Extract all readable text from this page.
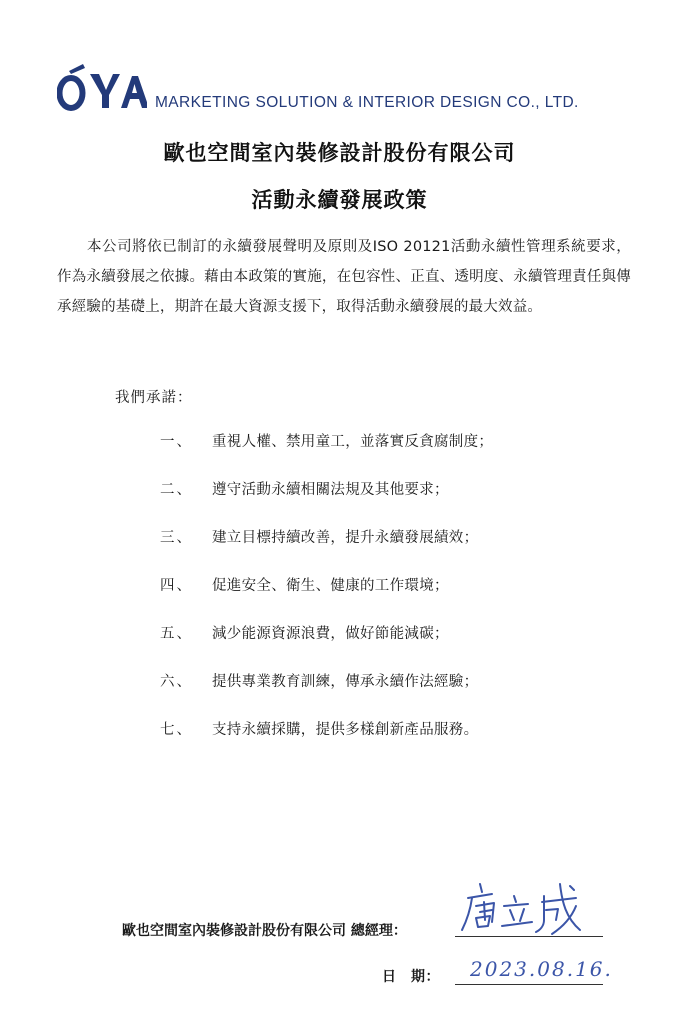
MARKETING SOLUTION & INTERIOR DESIGN CO., LTD.
歐也空間室內裝修設計股份有限公司
活動永續發展政策

本公司將依已制訂的永續發展聲明及原則及ISO 20121活動永續性管理系統要求，作為永續發展之依據。藉由本政策的實施，在包容性、正直、透明度、永續管理責任與傳承經驗的基礎上，期許在最大資源支援下，取得活動永續發展的最大效益。

我們承諾：
一、	重視人權、禁用童工，並落實反貪腐制度；
二、	遵守活動永續相關法規及其他要求；
三、	建立目標持續改善，提升永續發展績效；
四、	促進安全、衛生、健康的工作環境；
五、	減少能源資源浪費，做好節能減碳；
六、	提供專業教育訓練，傳承永續作法經驗；
七、	支持永續採購，提供多樣創新產品服務。
歐也空間室內裝修設計股份有限公司 總經理：
日　期： 2023.08.16.
